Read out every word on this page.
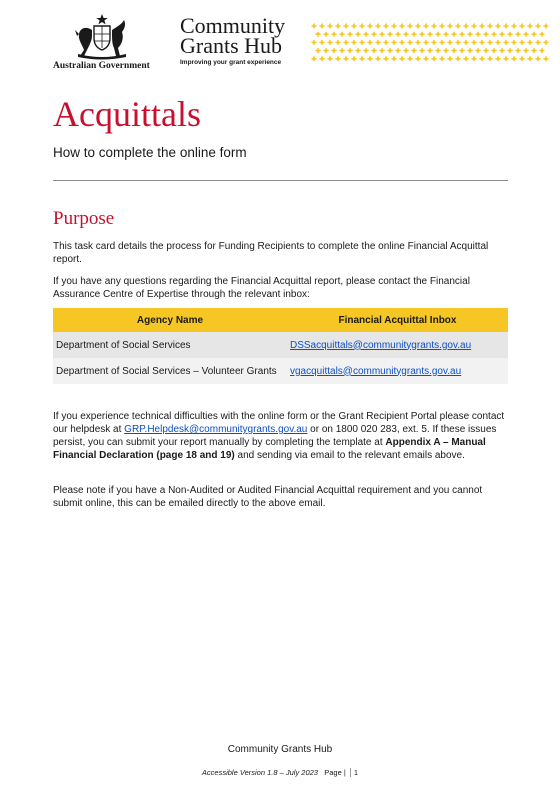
Australian Government
Community
Grants Hub
Improving your grant experience
Acquittals
How to complete the online form
Purpose

This task card details the process for Funding Recipients to complete the online Financial Acquittal report.

If you have any questions regarding the Financial Acquittal report, please contact the Financial Assurance Centre of Expertise through the relevant inbox:

Agency Name	Financial Acquittal Inbox
Department of Social Services	DSSacquittals@communitygrants.gov.au
Department of Social Services – Volunteer Grants	vgacquittals@communitygrants.gov.au

If you experience technical difficulties with the online form or the Grant Recipient Portal please contact our helpdesk at GRP.Helpdesk@communitygrants.gov.au or on 1800 020 283, ext. 5. If these issues persist, you can submit your report manually by completing the template at Appendix A – Manual Financial Declaration (page 18 and 19) and sending via email to the relevant emails above.

Please note if you have a Non-Audited or Audited Financial Acquittal requirement and you cannot submit online, this can be emailed directly to the above email.

Community Grants Hub
Accessible Version 1.8 – July 2023 Page | 1
